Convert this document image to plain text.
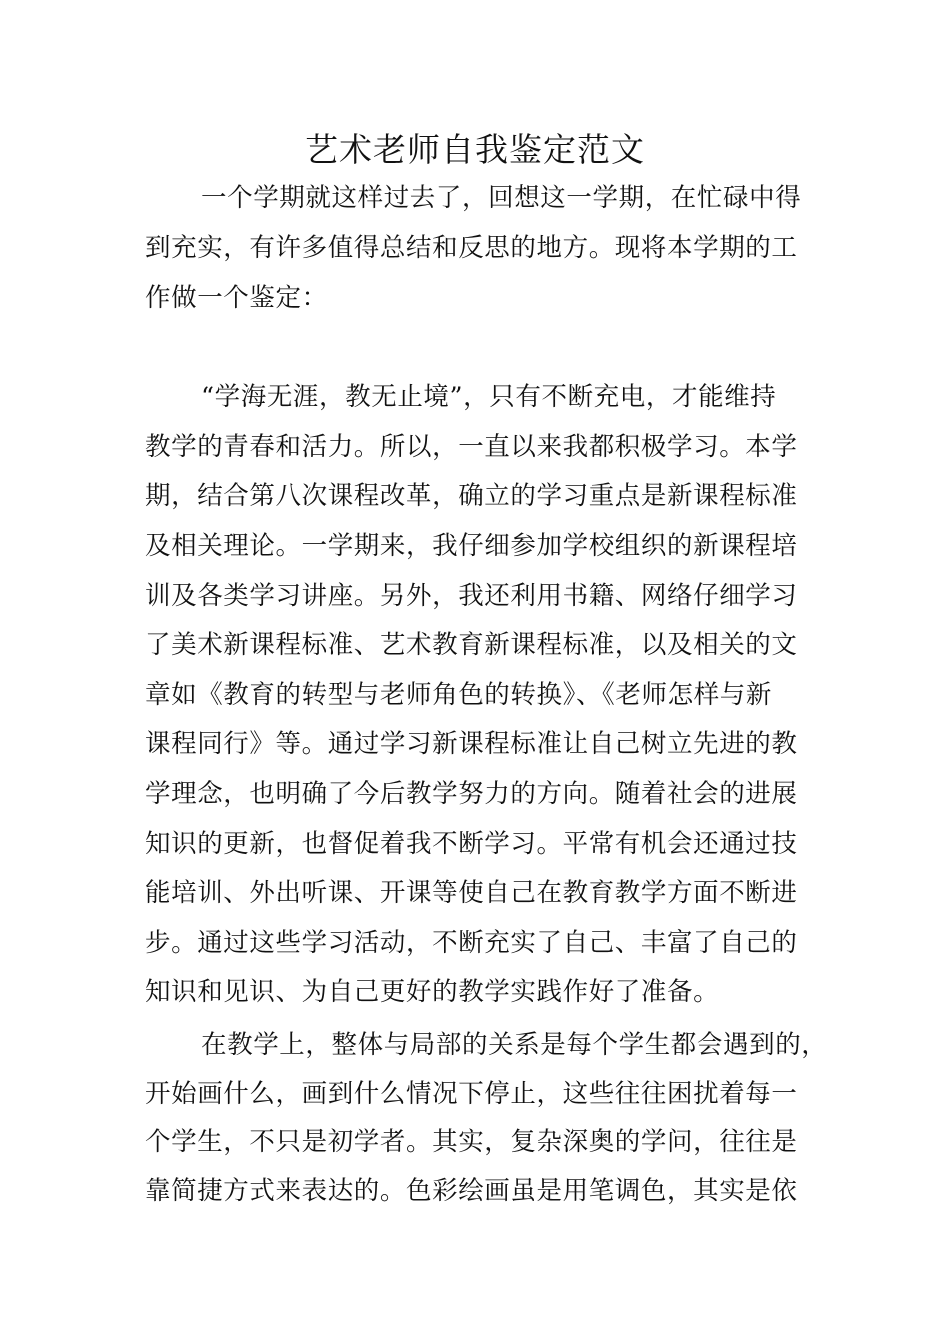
艺术老师自我鉴定范文
一个学期就这样过去了，回想这一学期，在忙碌中得
到充实，有许多值得总结和反思的地方。现将本学期的工
作做一个鉴定：
“学海无涯，教无止境”，只有不断充电，才能维持
教学的青春和活力。所以，一直以来我都积极学习。本学
期，结合第八次课程改革，确立的学习重点是新课程标准
及相关理论。一学期来，我仔细参加学校组织的新课程培
训及各类学习讲座。另外，我还利用书籍、网络仔细学习
了美术新课程标准、艺术教育新课程标准，以及相关的文
章如《教育的转型与老师角色的转换》、《老师怎样与新
课程同行》等。通过学习新课程标准让自己树立先进的教
学理念，也明确了今后教学努力的方向。随着社会的进展
知识的更新，也督促着我不断学习。平常有机会还通过技
能培训、外出听课、开课等使自己在教育教学方面不断进
步。通过这些学习活动，不断充实了自己、丰富了自己的
知识和见识、为自己更好的教学实践作好了准备。
在教学上，整体与局部的关系是每个学生都会遇到的，
开始画什么，画到什么情况下停止，这些往往困扰着每一
个学生，不只是初学者。其实，复杂深奥的学问，往往是
靠简捷方式来表达的。色彩绘画虽是用笔调色，其实是依
